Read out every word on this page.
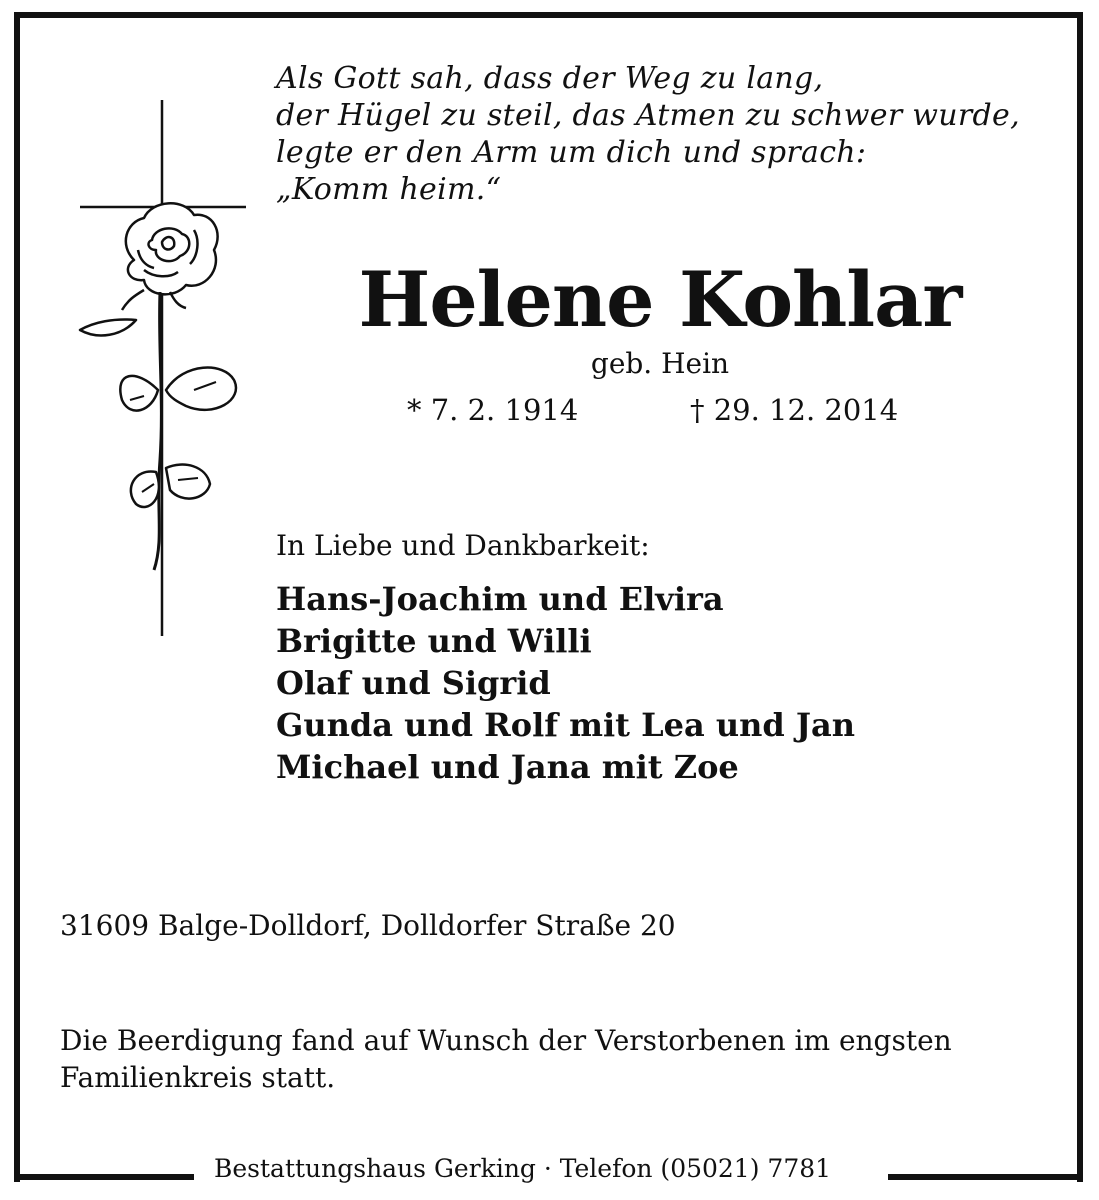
Als Gott sah, dass der Weg zu lang,
der Hügel zu steil, das Atmen zu schwer wurde,
legte er den Arm um dich und sprach:
„Komm heim.“
Helene Kohlar
geb. Hein
* 7. 2. 1914	† 29. 12. 2014
In Liebe und Dankbarkeit:
Hans-Joachim und Elvira
Brigitte und Willi
Olaf und Sigrid
Gunda und Rolf mit Lea und Jan
Michael und Jana mit Zoe
31609 Balge-Dolldorf, Dolldorfer Straße 20
Die Beerdigung fand auf Wunsch der Verstorbenen im engsten Familienkreis statt.
Bestattungshaus Gerking · Telefon (05021) 7781
